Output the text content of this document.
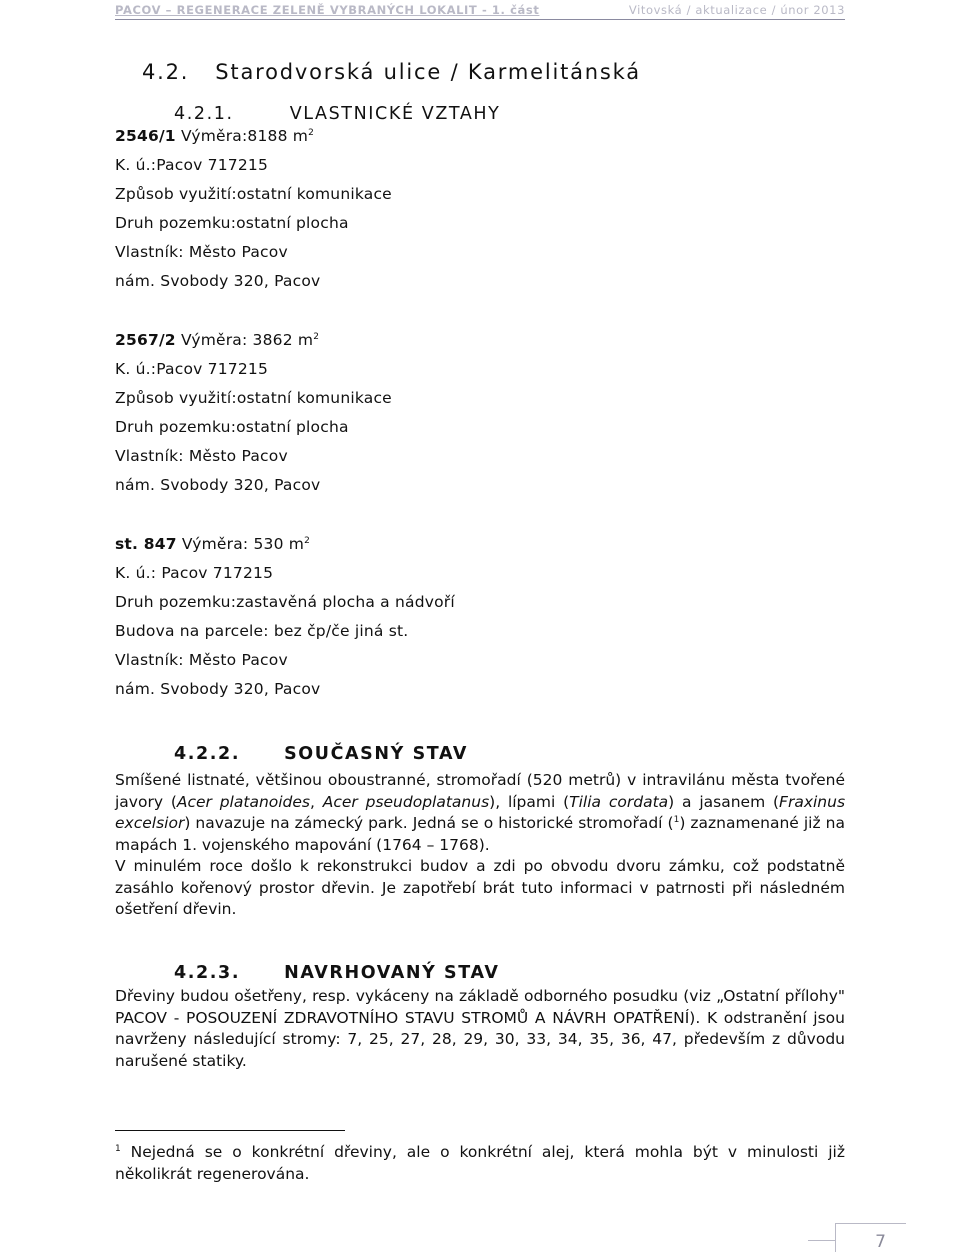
PACOV – REGENERACE ZELENĚ VYBRANÝCH LOKALIT - 1. část	Vitovská / aktualizace / únor 2013
4.2. Starodvorská ulice / Karmelitánská
4.2.1.	VLASTNICKÉ VZTAHY
2546/1 Výměra:8188 $m^2$
K. ú.:Pacov 717215
Způsob využití:ostatní komunikace
Druh pozemku:ostatní plocha
Vlastník: Město Pacov
nám. Svobody 320, Pacov
2567/2 Výměra: 3862 $m^2$
K. ú.:Pacov 717215
Způsob využití:ostatní komunikace
Druh pozemku:ostatní plocha
Vlastník: Město Pacov
nám. Svobody 320, Pacov
st. 847 Výměra: 530 $m^2$
K. ú.: Pacov 717215
Druh pozemku:zastavěná plocha a nádvoří
Budova na parcele: bez čp/če jiná st.
Vlastník: Město Pacov
nám. Svobody 320, Pacov
4.2.2.	SOUČASNÝ STAV

Smíšené listnaté, většinou oboustranné, stromořadí (520 metrů) v intravilánu města tvořené javory (Acer platanoides, Acer pseudoplatanus), lípami (Tilia cordata) a jasanem (Fraxinus excelsior) navazuje na zámecký park. Jedná se o historické stromořadí ($^1$) zaznamenané již na mapách 1. vojenského mapování (1764 – 1768).

V minulém roce došlo k rekonstrukci budov a zdi po obvodu dvoru zámku, což podstatně zasáhlo kořenový prostor dřevin. Je zapotřebí brát tuto informaci v patrnosti při následném ošetření dřevin.

4.2.3.	NAVRHOVANÝ STAV

Dřeviny budou ošetřeny, resp. vykáceny na základě odborného posudku (viz „Ostatní přílohy" PACOV - POSOUZENÍ ZDRAVOTNÍHO STAVU STROMŮ A NÁVRH OPATŘENÍ). K odstranění jsou navrženy následující stromy: 7, 25, 27, 28, 29, 30, 33, 34, 35, 36, 47, především z důvodu narušené statiky.

$^1$ Nejedná se o konkrétní dřeviny, ale o konkrétní alej, která mohla být v minulosti již několikrát regenerována.
7
